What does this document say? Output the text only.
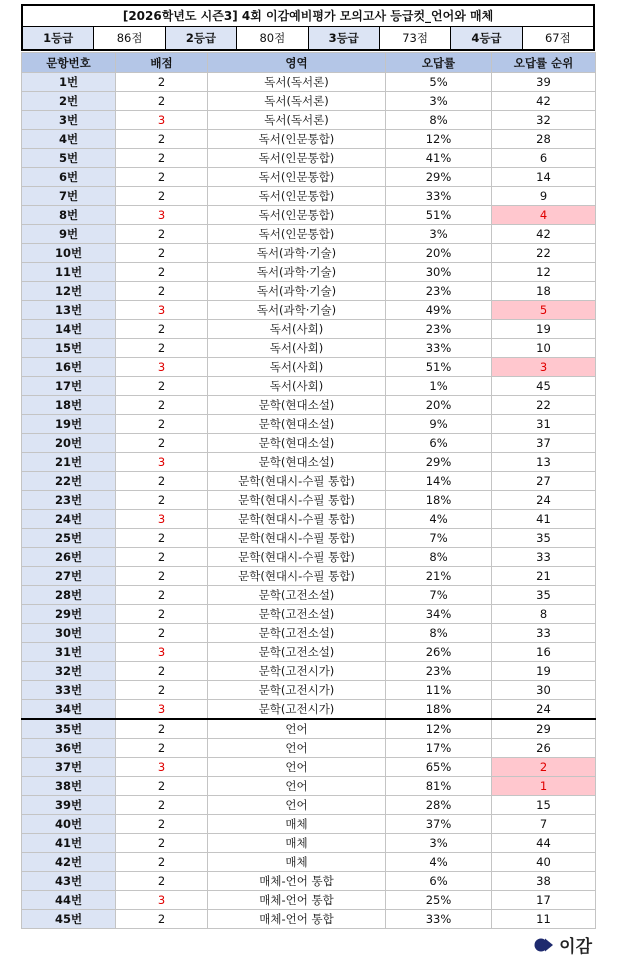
[2026학년도 시즌3] 4회 이감예비평가 모의고사 등급컷_언어와 매체
1등급	86점	2등급	80점	3등급	73점	4등급	67점
문항번호	배점	영역	오답률	오답률 순위
1번	2	독서(독서론)	5%	39
2번	2	독서(독서론)	3%	42
3번	3	독서(독서론)	8%	32
4번	2	독서(인문통합)	12%	28
5번	2	독서(인문통합)	41%	6
6번	2	독서(인문통합)	29%	14
7번	2	독서(인문통합)	33%	9
8번	3	독서(인문통합)	51%	4
9번	2	독서(인문통합)	3%	42
10번	2	독서(과학·기술)	20%	22
11번	2	독서(과학·기술)	30%	12
12번	2	독서(과학·기술)	23%	18
13번	3	독서(과학·기술)	49%	5
14번	2	독서(사회)	23%	19
15번	2	독서(사회)	33%	10
16번	3	독서(사회)	51%	3
17번	2	독서(사회)	1%	45
18번	2	문학(현대소설)	20%	22
19번	2	문학(현대소설)	9%	31
20번	2	문학(현대소설)	6%	37
21번	3	문학(현대소설)	29%	13
22번	2	문학(현대시-수필 통합)	14%	27
23번	2	문학(현대시-수필 통합)	18%	24
24번	3	문학(현대시-수필 통합)	4%	41
25번	2	문학(현대시-수필 통합)	7%	35
26번	2	문학(현대시-수필 통합)	8%	33
27번	2	문학(현대시-수필 통합)	21%	21
28번	2	문학(고전소설)	7%	35
29번	2	문학(고전소설)	34%	8
30번	2	문학(고전소설)	8%	33
31번	3	문학(고전소설)	26%	16
32번	2	문학(고전시가)	23%	19
33번	2	문학(고전시가)	11%	30
34번	3	문학(고전시가)	18%	24
35번	2	언어	12%	29
36번	2	언어	17%	26
37번	3	언어	65%	2
38번	2	언어	81%	1
39번	2	언어	28%	15
40번	2	매체	37%	7
41번	2	매체	3%	44
42번	2	매체	4%	40
43번	2	매체-언어 통합	6%	38
44번	3	매체-언어 통합	25%	17
45번	2	매체-언어 통합	33%	11
이감
